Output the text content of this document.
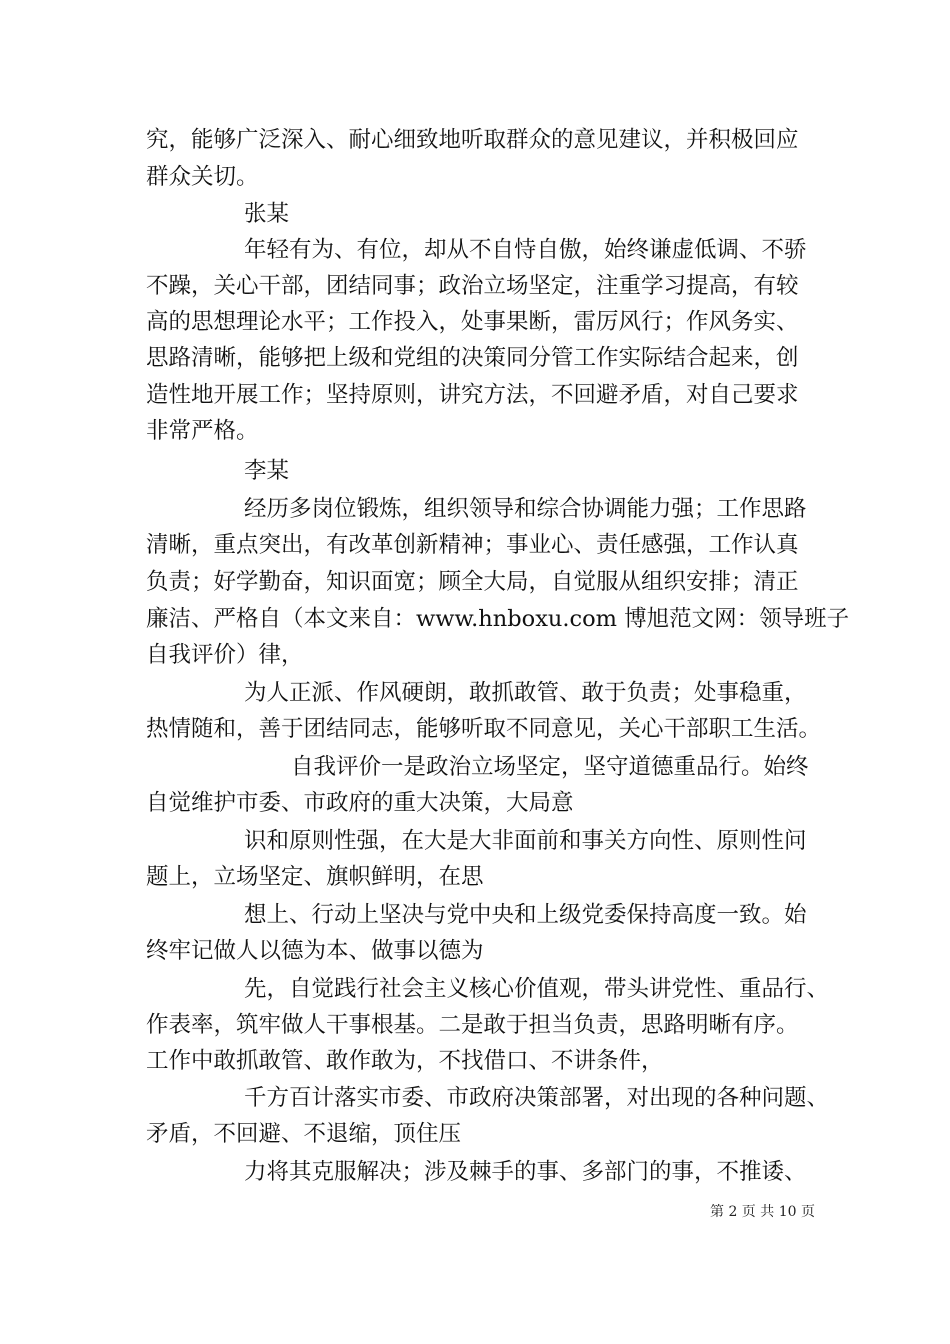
究，能够广泛深入、耐心细致地听取群众的意见建议，并积极回应

群众关切。

张某

年轻有为、有位，却从不自恃自傲，始终谦虚低调、不骄

不躁，关心干部，团结同事；政治立场坚定，注重学习提高，有较

高的思想理论水平；工作投入，处事果断，雷厉风行；作风务实、

思路清晰，能够把上级和党组的决策同分管工作实际结合起来，创

造性地开展工作；坚持原则，讲究方法，不回避矛盾，对自己要求

非常严格。

李某

经历多岗位锻炼，组织领导和综合协调能力强；工作思路

清晰，重点突出，有改革创新精神；事业心、责任感强，工作认真

负责；好学勤奋，知识面宽；顾全大局，自觉服从组织安排；清正

廉洁、严格自（本文来自：www.hnboxu.com 博旭范文网：领导班子

自我评价）律，

为人正派、作风硬朗，敢抓敢管、敢于负责；处事稳重，

热情随和，善于团结同志，能够听取不同意见，关心干部职工生活。

自我评价一是政治立场坚定，坚守道德重品行。始终

自觉维护市委、市政府的重大决策，大局意

识和原则性强，在大是大非面前和事关方向性、原则性问

题上，立场坚定、旗帜鲜明，在思

想上、行动上坚决与党中央和上级党委保持高度一致。始

终牢记做人以德为本、做事以德为

先，自觉践行社会主义核心价值观，带头讲党性、重品行、

作表率，筑牢做人干事根基。二是敢于担当负责，思路明晰有序。

工作中敢抓敢管、敢作敢为，不找借口、不讲条件，

千方百计落实市委、市政府决策部署，对出现的各种问题、

矛盾，不回避、不退缩，顶住压

力将其克服解决；涉及棘手的事、多部门的事，不推诿、

第 2 页 共 10 页
